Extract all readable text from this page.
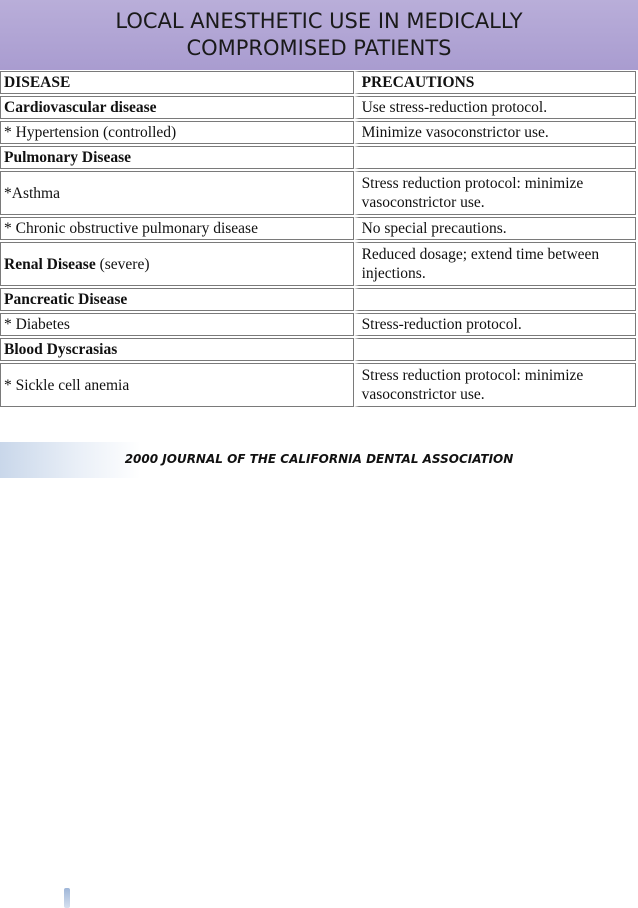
LOCAL ANESTHETIC USE IN MEDICALLY
COMPROMISED PATIENTS
DISEASE	PRECAUTIONS
Cardiovascular disease	Use stress-reduction protocol.
* Hypertension (controlled)	Minimize vasoconstrictor use.
Pulmonary Disease	
*Asthma	Stress reduction protocol: minimize vasoconstrictor use.
* Chronic obstructive pulmonary disease	No special precautions.
Renal Disease (severe)	Reduced dosage; extend time between injections.
Pancreatic Disease	
* Diabetes	Stress-reduction protocol.
Blood Dyscrasias	
* Sickle cell anemia	Stress reduction protocol: minimize vasoconstrictor use.
2000 JOURNAL OF THE CALIFORNIA DENTAL ASSOCIATION
